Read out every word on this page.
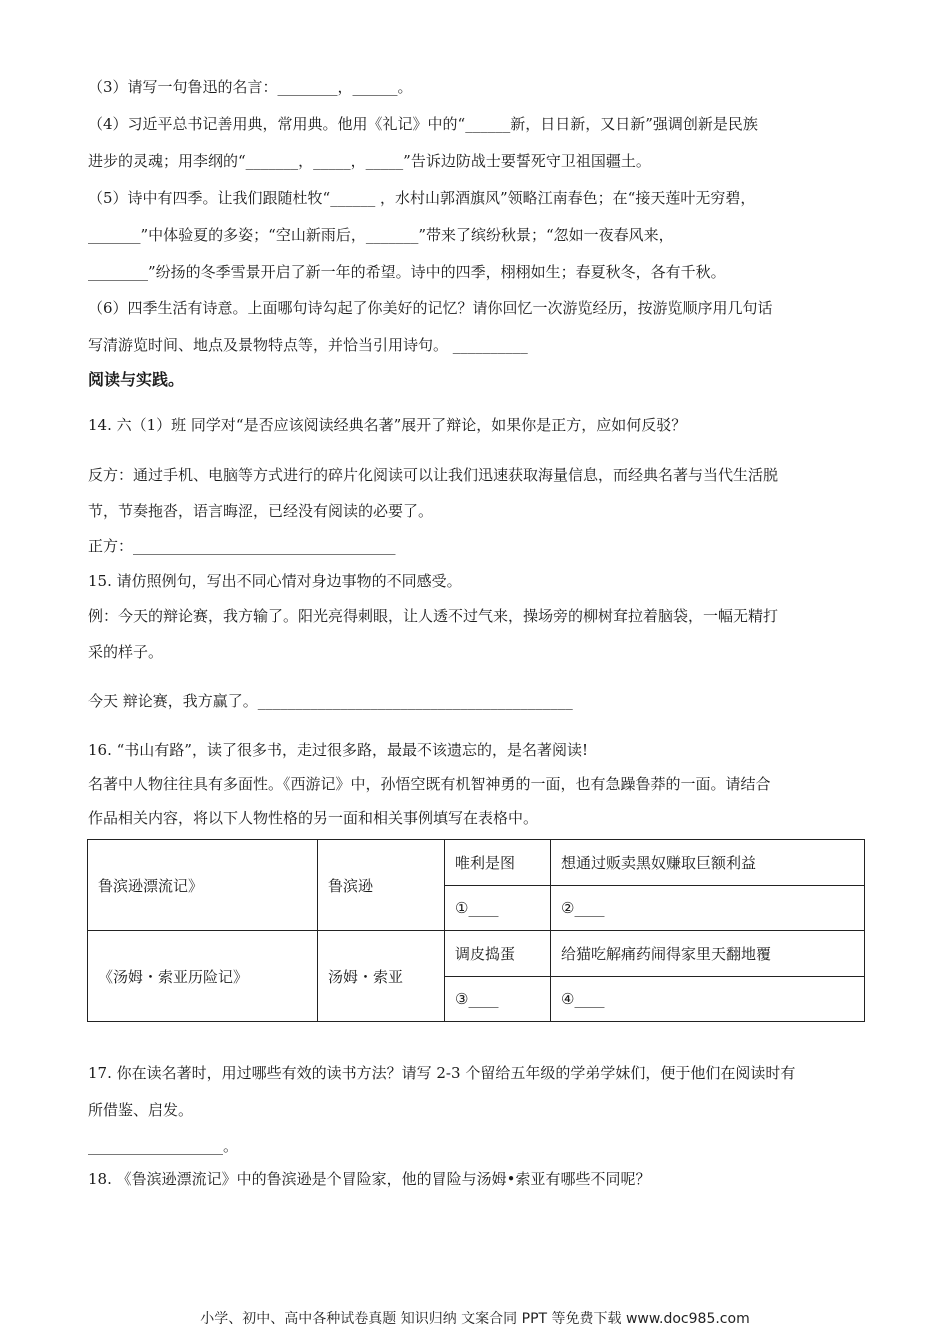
（3）请写一句鲁迅的名言：________，______。
（4）习近平总书记善用典，常用典。他用《礼记》中的“______新，日日新，又日新”强调创新是民族
进步的灵魂；用李纲的“_______，_____，_____”告诉边防战士要誓死守卫祖国疆土。
（5）诗中有四季。让我们跟随杜牧“______ ，水村山郭酒旗风”领略江南春色；在“接天莲叶无穷碧，
_______”中体验夏的多姿；“空山新雨后，_______”带来了缤纷秋景；“忽如一夜春风来，
________”纷扬的冬季雪景开启了新一年的希望。诗中的四季，栩栩如生；春夏秋冬，各有千秋。
（6）四季生活有诗意。上面哪句诗勾起了你美好的记忆？请你回忆一次游览经历，按游览顺序用几句话
写清游览时间、地点及景物特点等，并恰当引用诗句。 __________
阅读与实践。
14. 六（1）班 同学对“是否应该阅读经典名著”展开了辩论，如果你是正方，应如何反驳？
反方：通过手机、电脑等方式进行的碎片化阅读可以让我们迅速获取海量信息，而经典名著与当代生活脱
节，节奏拖沓，语言晦涩，已经没有阅读的必要了。
正方：___________________________________
15. 请仿照例句，写出不同心情对身边事物的不同感受。
例：今天的辩论赛，我方输了。阳光亮得刺眼，让人透不过气来，操场旁的柳树耷拉着脑袋，一幅无精打
采的样子。
今天 辩论赛，我方赢了。__________________________________________
16. “书山有路”，读了很多书，走过很多路，最最不该遗忘的，是名著阅读!
名著中人物往往具有多面性。《西游记》中，孙悟空既有机智神勇的一面，也有急躁鲁莽的一面。请结合
作品相关内容，将以下人物性格的另一面和相关事例填写在表格中。
鲁滨逊漂流记》	鲁滨逊	唯利是图	想通过贩卖黑奴赚取巨额利益
		①____	②____
《汤姆・索亚历险记》	汤姆・索亚	调皮捣蛋	给猫吃解痛药闹得家里天翻地覆
		③____	④____
17. 你在读名著时，用过哪些有效的读书方法？请写 2-3 个留给五年级的学弟学妹们，便于他们在阅读时有
所借鉴、启发。
__________________。
18. 《鲁滨逊漂流记》中的鲁滨逊是个冒险家，他的冒险与汤姆•索亚有哪些不同呢？
小学、初中、高中各种试卷真题 知识归纳 文案合同 PPT 等免费下载 www.doc985.com
